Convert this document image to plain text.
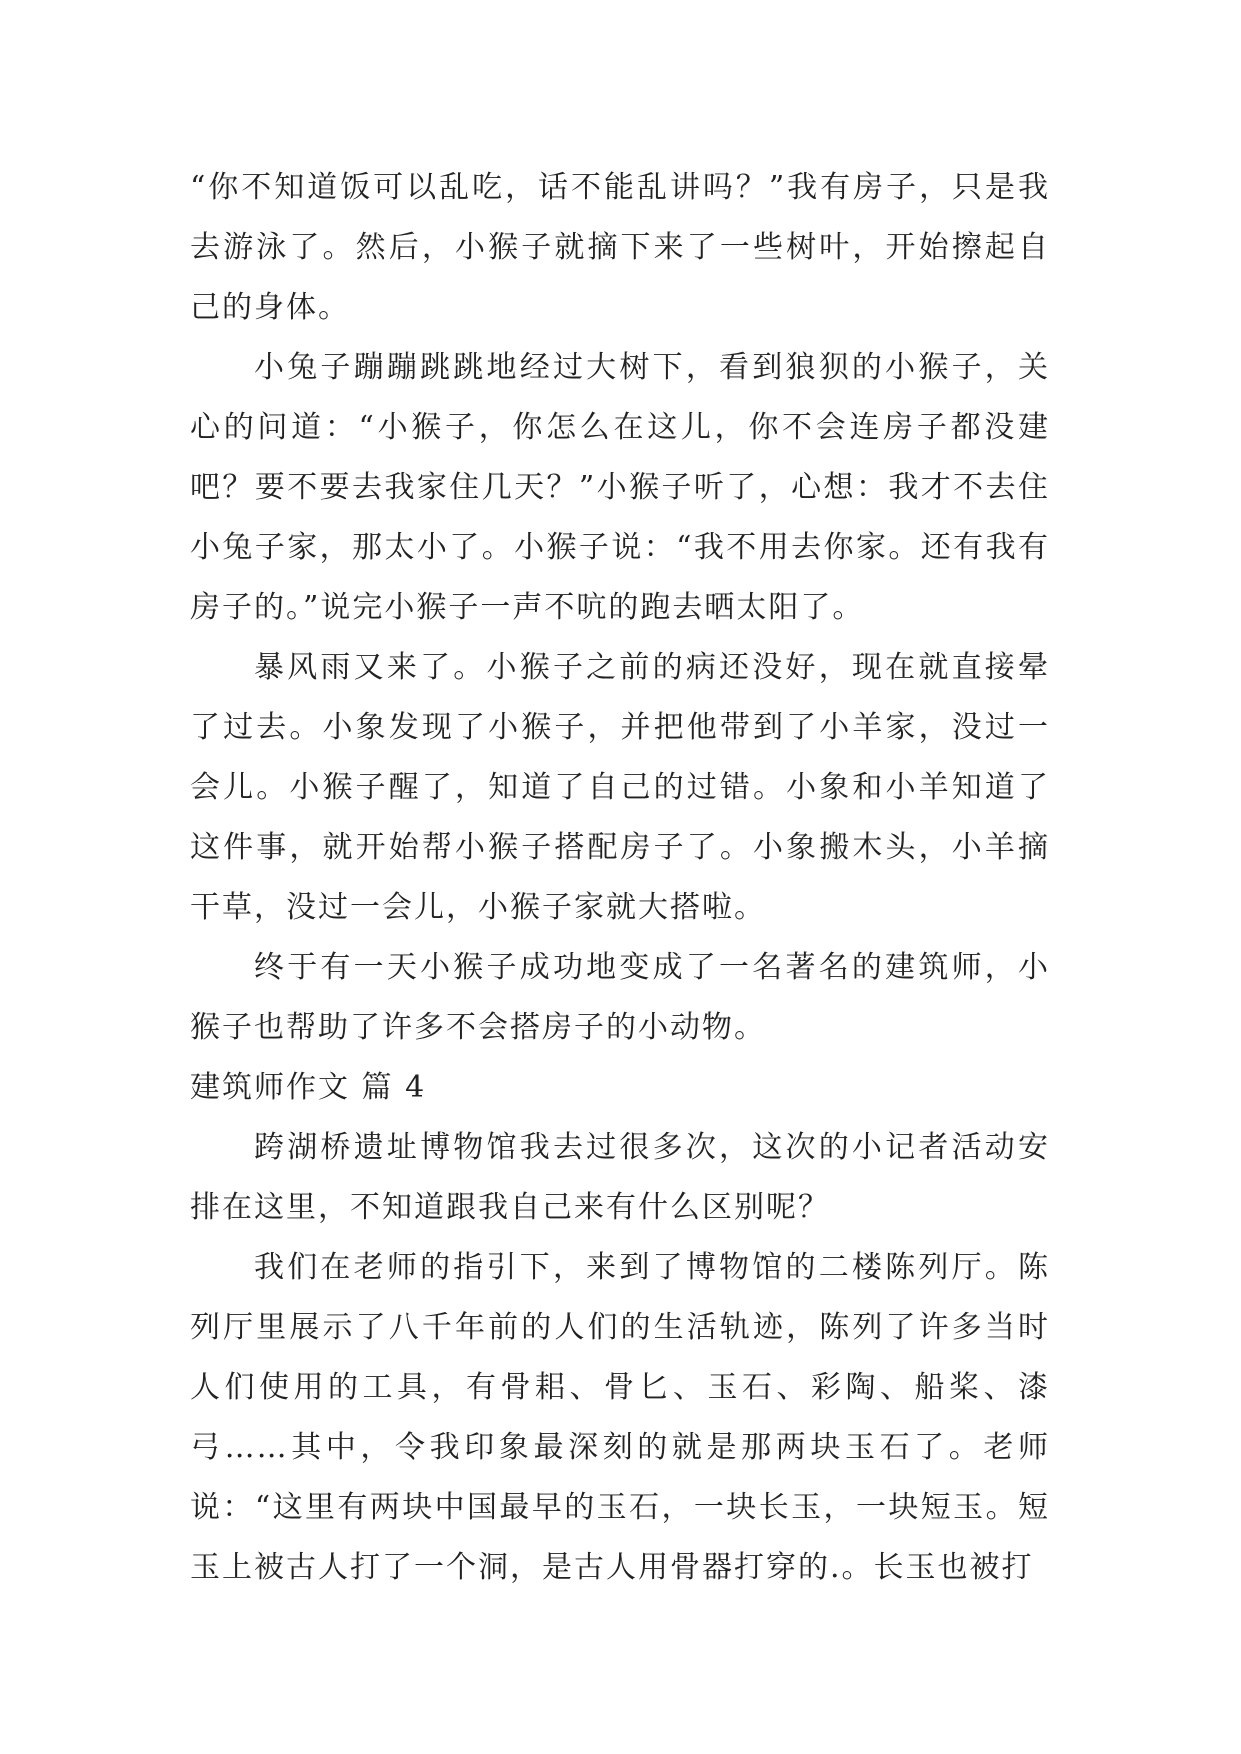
“你不知道饭可以乱吃，话不能乱讲吗？”我有房子，只是我去游泳了。然后，小猴子就摘下来了一些树叶，开始擦起自己的身体。

小兔子蹦蹦跳跳地经过大树下，看到狼狈的小猴子，关心的问道：“小猴子，你怎么在这儿，你不会连房子都没建吧？要不要去我家住几天？”小猴子听了，心想：我才不去住小兔子家，那太小了。小猴子说：“我不用去你家。还有我有房子的。”说完小猴子一声不吭的跑去晒太阳了。

暴风雨又来了。小猴子之前的病还没好，现在就直接晕了过去。小象发现了小猴子，并把他带到了小羊家，没过一会儿。小猴子醒了，知道了自己的过错。小象和小羊知道了这件事，就开始帮小猴子搭配房子了。小象搬木头，小羊摘干草，没过一会儿，小猴子家就大搭啦。

终于有一天小猴子成功地变成了一名著名的建筑师，小猴子也帮助了许多不会搭房子的小动物。

建筑师作文 篇 4

跨湖桥遗址博物馆我去过很多次，这次的小记者活动安排在这里，不知道跟我自己来有什么区别呢？

我们在老师的指引下，来到了博物馆的二楼陈列厅。陈列厅里展示了八千年前的人们的生活轨迹，陈列了许多当时人们使用的工具，有骨耜、骨匕、玉石、彩陶、船桨、漆弓……其中，令我印象最深刻的就是那两块玉石了。老师说：“这里有两块中国最早的玉石，一块长玉，一块短玉。短玉上被古人打了一个洞，是古人用骨器打穿的.。长玉也被打
